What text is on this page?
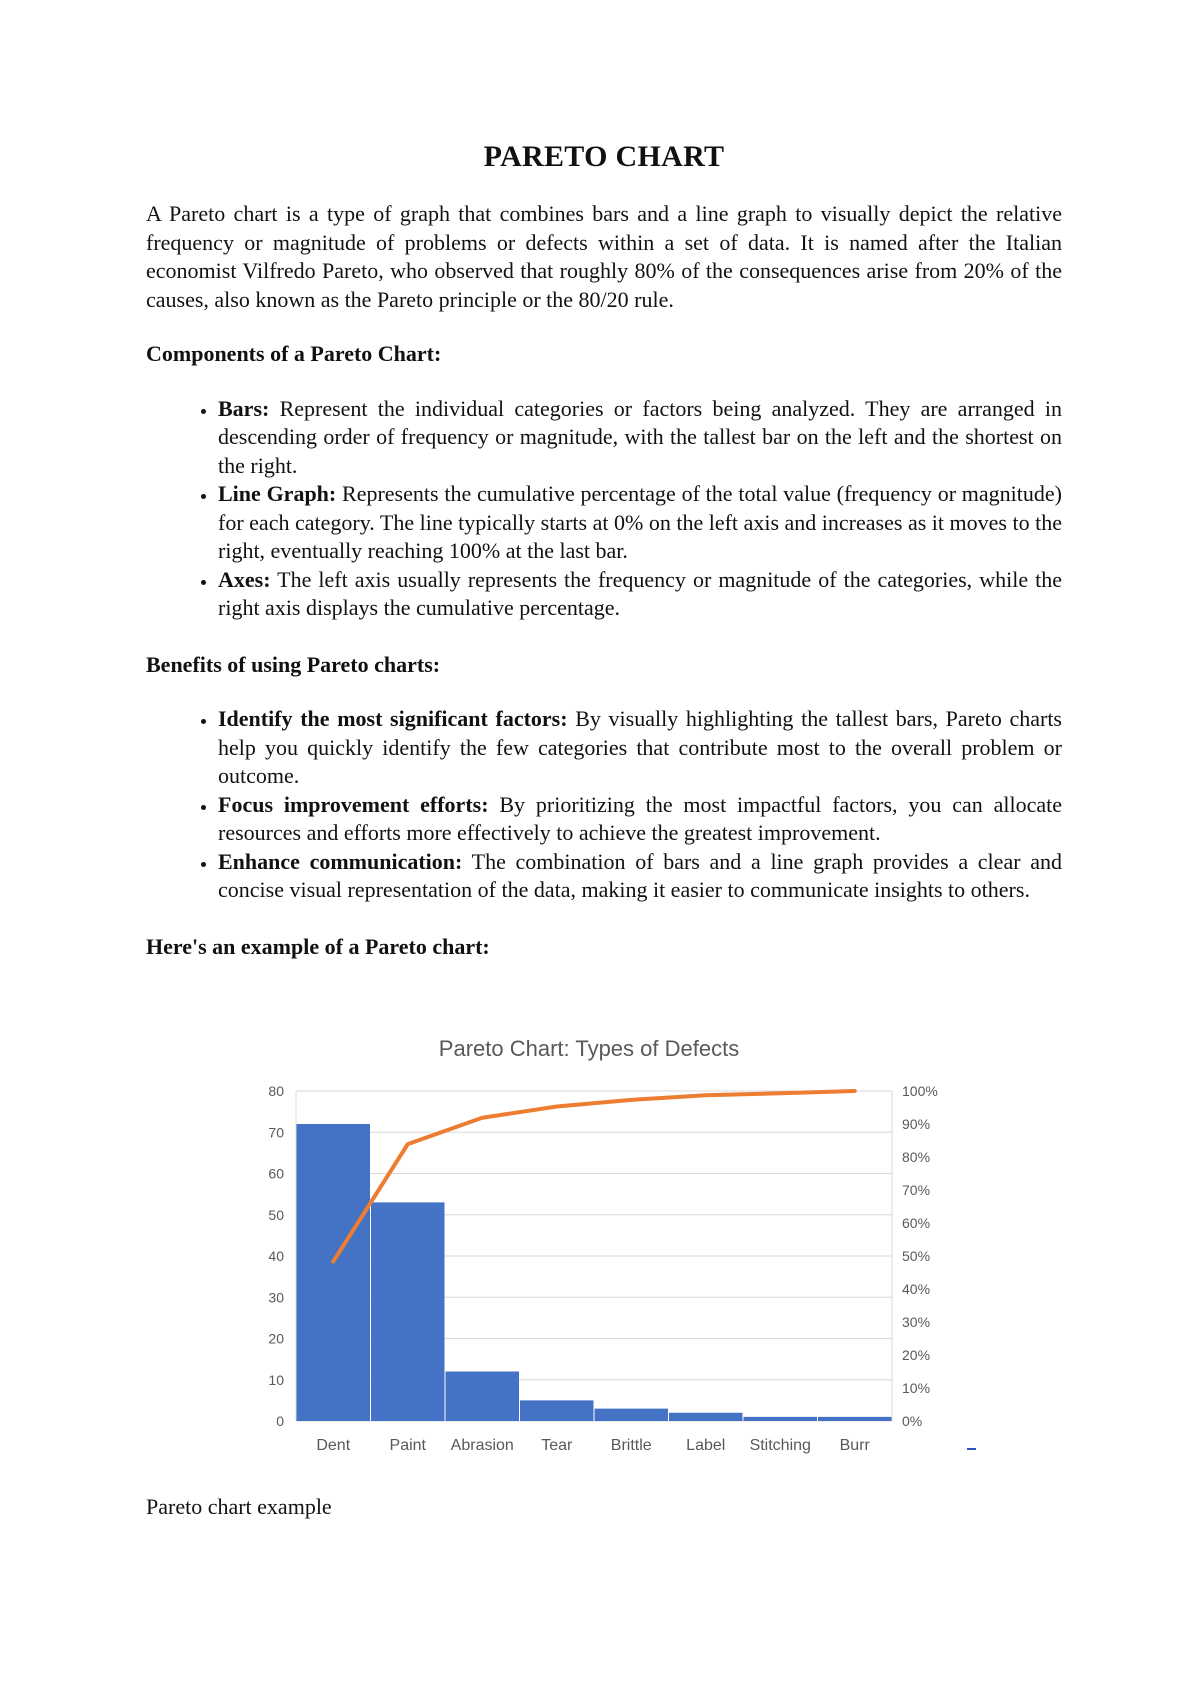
PARETO CHART

A Pareto chart is a type of graph that combines bars and a line graph to visually depict the relative frequency or magnitude of problems or defects within a set of data. It is named after the Italian economist Vilfredo Pareto, who observed that roughly 80% of the consequences arise from 20% of the causes, also known as the Pareto principle or the 80/20 rule.

Components of a Pareto Chart:

• Bars: Represent the individual categories or factors being analyzed. They are arranged in descending order of frequency or magnitude, with the tallest bar on the left and the shortest on the right.
• Line Graph: Represents the cumulative percentage of the total value (frequency or magnitude) for each category. The line typically starts at 0% on the left axis and increases as it moves to the right, eventually reaching 100% at the last bar.
• Axes: The left axis usually represents the frequency or magnitude of the categories, while the right axis displays the cumulative percentage.

Benefits of using Pareto charts:

• Identify the most significant factors: By visually highlighting the tallest bars, Pareto charts help you quickly identify the few categories that contribute most to the overall problem or outcome.
• Focus improvement efforts: By prioritizing the most impactful factors, you can allocate resources and efforts more effectively to achieve the greatest improvement.
• Enhance communication: The combination of bars and a line graph provides a clear and concise visual representation of the data, making it easier to communicate insights to others.

Here's an example of a Pareto chart:

Pareto Chart: Types of Defects
0
10
20
30
40
50
60
70
80
0%
10%
20%
30%
40%
50%
60%
70%
80%
90%
100%
Dent Paint Abrasion Tear Brittle Label Stitching Burr
Pareto chart example
